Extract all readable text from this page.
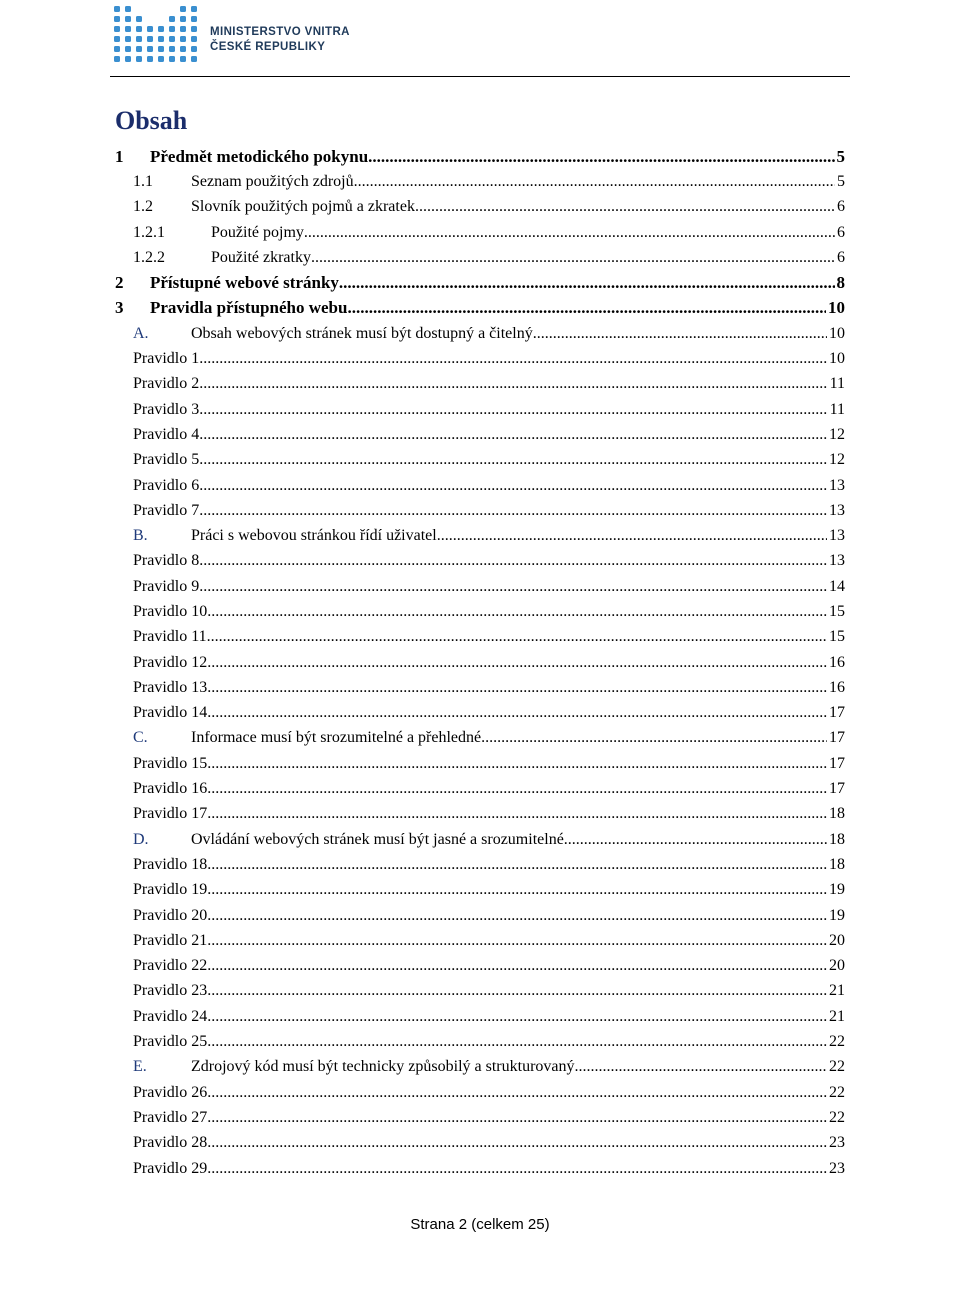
MINISTERSTVO VNITRA
ČESKÉ REPUBLIKY
Obsah
1	Předmět metodického pokynu .....	5
1.1	Seznam použitých zdrojů .....	5
1.2	Slovník použitých pojmů a zkratek .....	6
1.2.1	Použité pojmy .....	6
1.2.2	Použité zkratky .....	6
2	Přístupné webové stránky .....	8
3	Pravidla přístupného webu .....	10
A.	Obsah webových stránek musí být dostupný a čitelný .....	10
Pravidlo 1 .....	10
Pravidlo 2 .....	11
Pravidlo 3 .....	11
Pravidlo 4 .....	12
Pravidlo 5 .....	12
Pravidlo 6 .....	13
Pravidlo 7 .....	13
B.	Práci s webovou stránkou řídí uživatel .....	13
Pravidlo 8 .....	13
Pravidlo 9 .....	14
Pravidlo 10 .....	15
Pravidlo 11 .....	15
Pravidlo 12 .....	16
Pravidlo 13 .....	16
Pravidlo 14 .....	17
C.	Informace musí být srozumitelné a přehledné .....	17
Pravidlo 15 .....	17
Pravidlo 16 .....	17
Pravidlo 17 .....	18
D.	Ovládání webových stránek musí být jasné a srozumitelné .....	18
Pravidlo 18 .....	18
Pravidlo 19 .....	19
Pravidlo 20 .....	19
Pravidlo 21 .....	20
Pravidlo 22 .....	20
Pravidlo 23 .....	21
Pravidlo 24 .....	21
Pravidlo 25 .....	22
E.	Zdrojový kód musí být technicky způsobilý a strukturovaný .....	22
Pravidlo 26 .....	22
Pravidlo 27 .....	22
Pravidlo 28 .....	23
Pravidlo 29 .....	23
Strana 2 (celkem 25)
